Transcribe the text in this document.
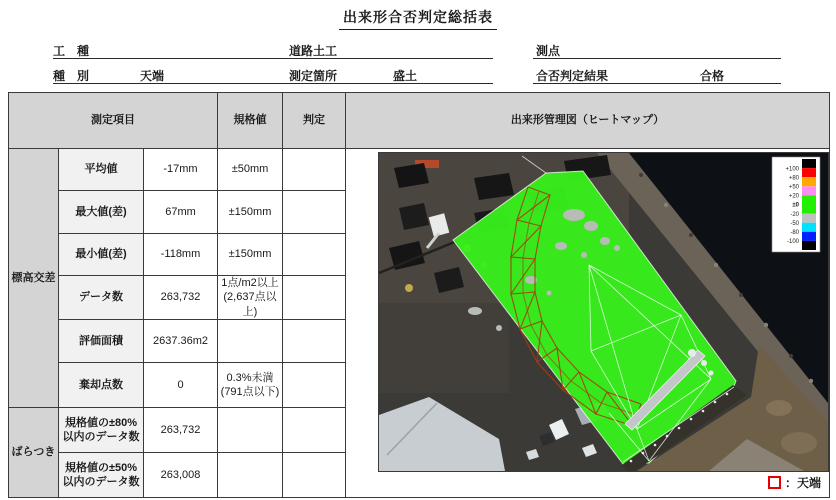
出来形合否判定総括表
工　種	道路土工	測点
種　別	天端	測定箇所	盛土	合否判定結果	合格
測定項目			規格値	判定	出来形管理図（ヒートマップ）
標高交差	平均値	-17mm	±50mm		
	最大値(差)	67mm	±150mm		
	最小値(差)	-118mm	±150mm		
	データ数	263,732	1点/m2以上 (2,637点以上)		
	評価面積	2637.36m2			
	棄却点数	0	0.3%未満 (791点以下)		
ばらつき	規格値の±80%以内のデータ数	263,732			
	規格値の±50%以内のデータ数	263,008			
+100
+80
+50
+20
±0
-20
-50
-80
-100
：天端
